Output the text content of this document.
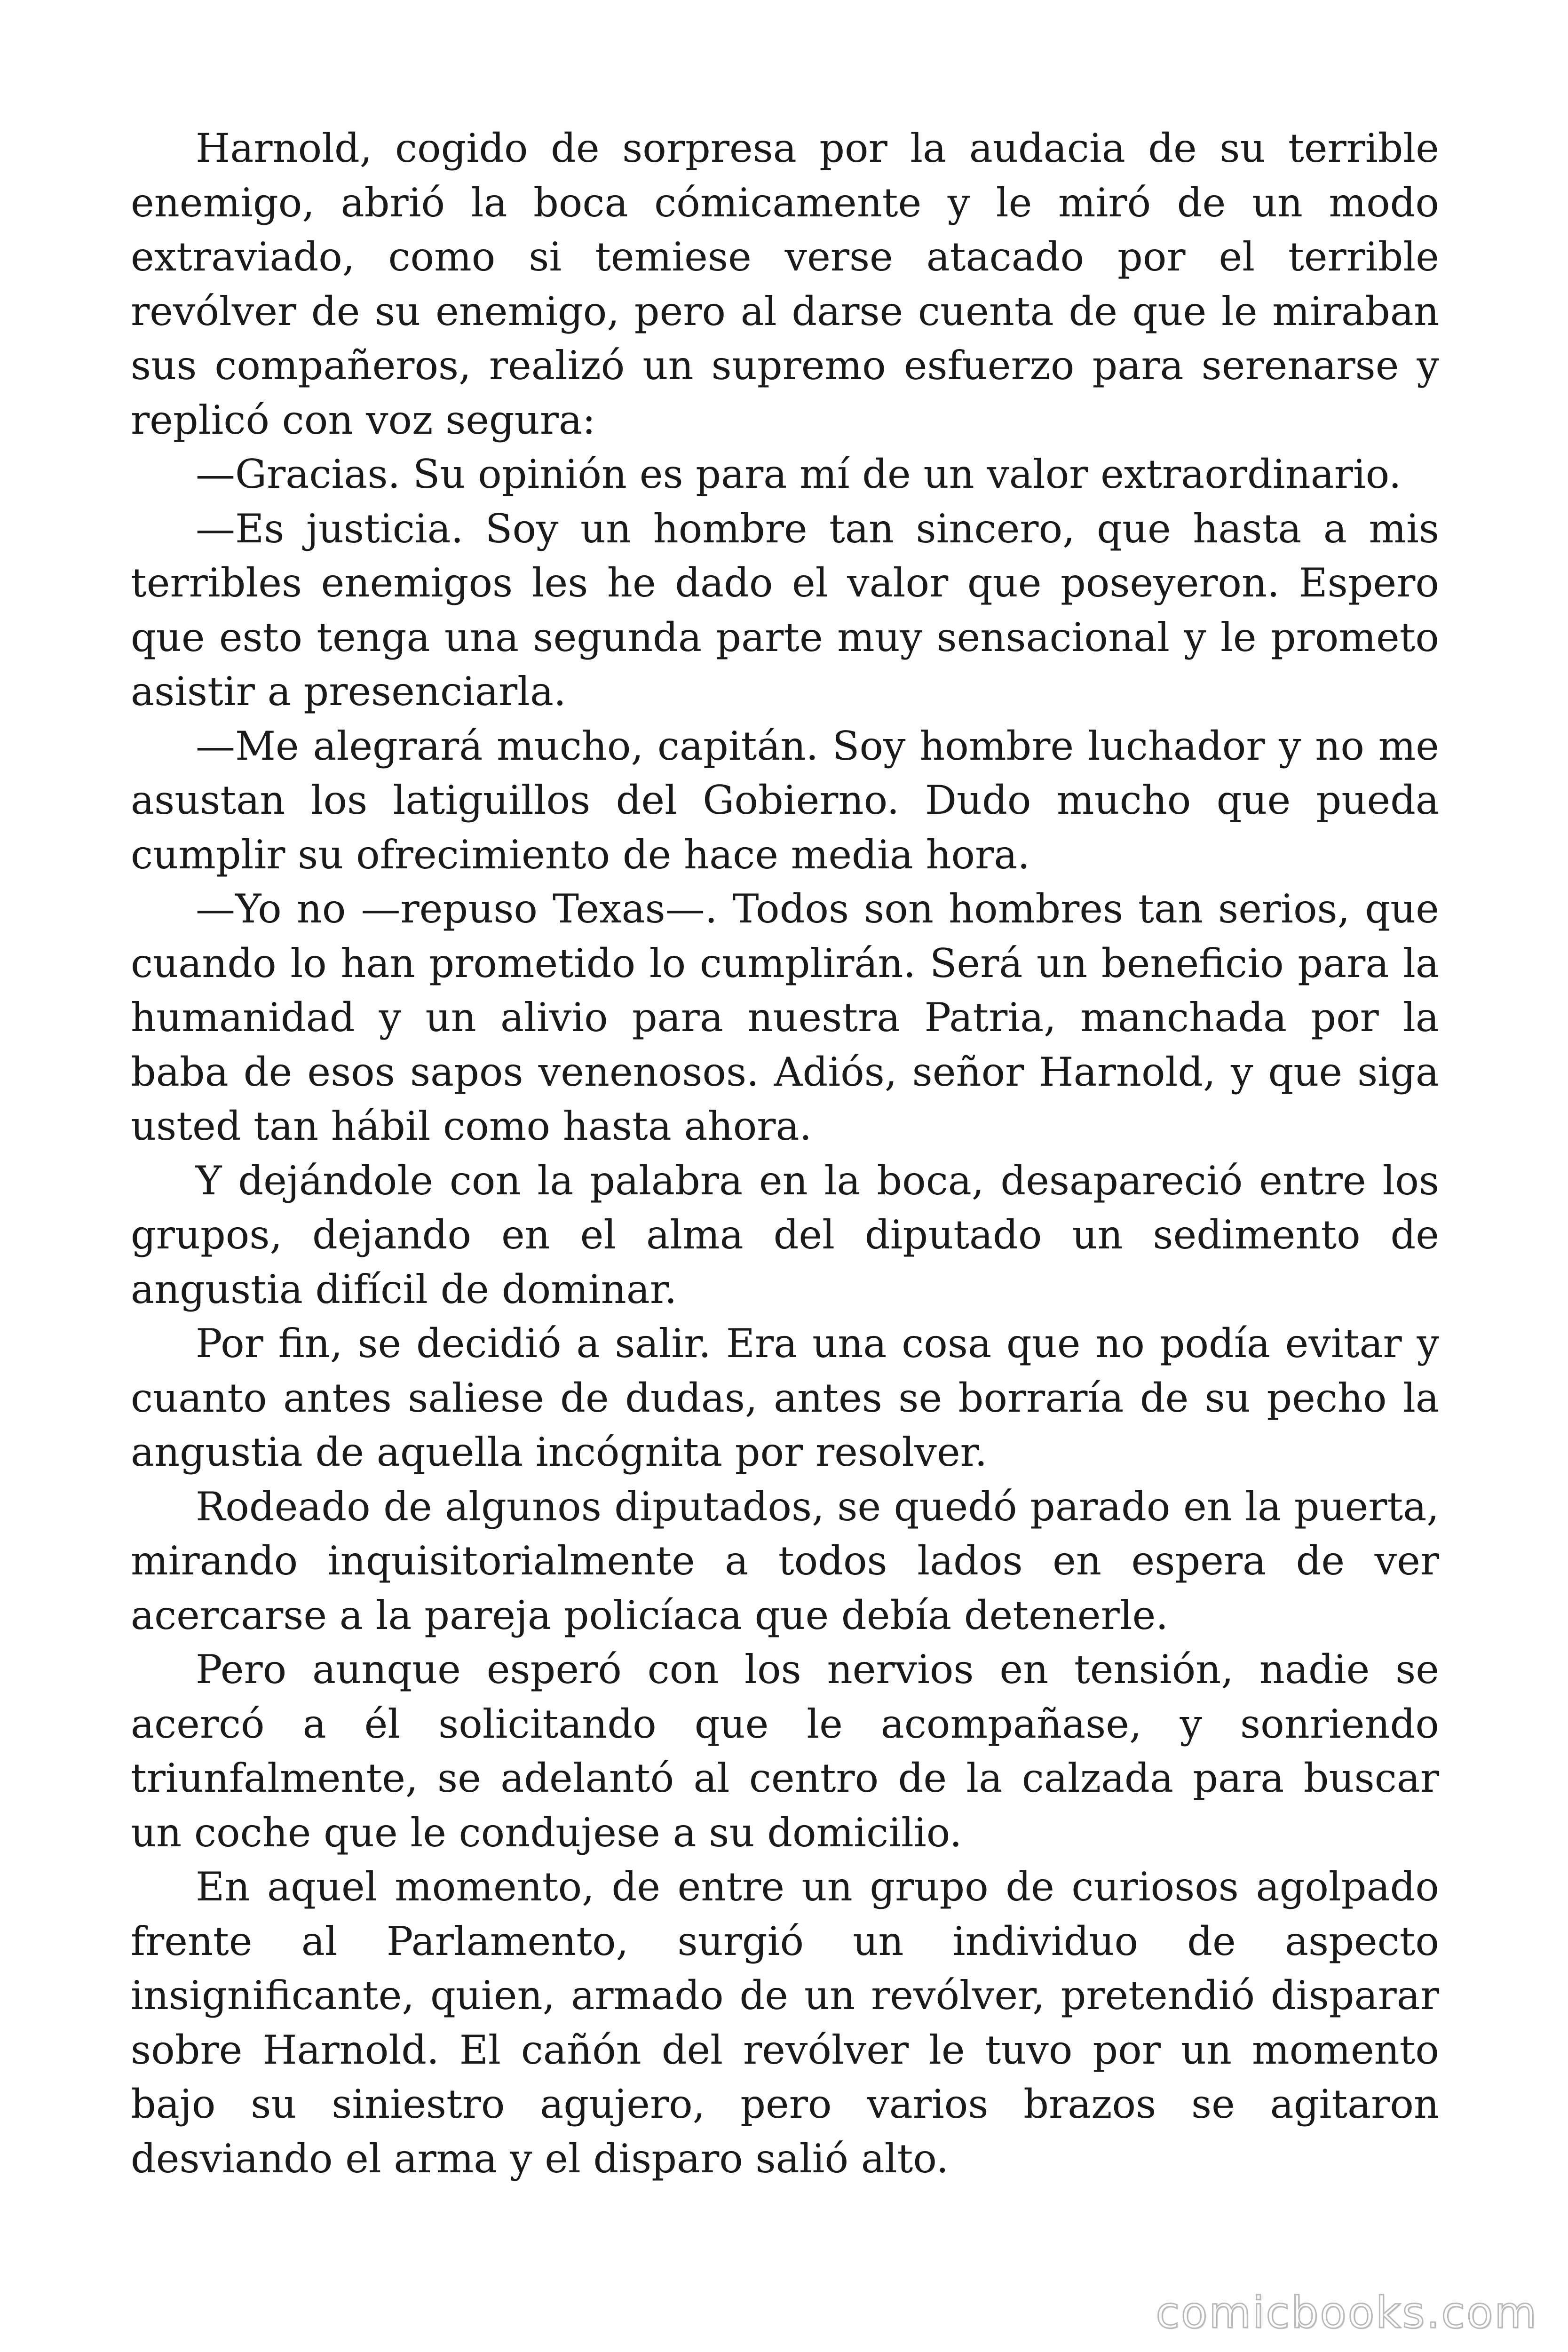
Harnold, cogido de sorpresa por la audacia de su terrible enemigo, abrió la boca cómicamente y le miró de un modo extraviado, como si temiese verse atacado por el terrible revólver de su enemigo, pero al darse cuenta de que le miraban sus compañeros, realizó un supremo esfuerzo para serenarse y replicó con voz segura:

—Gracias. Su opinión es para mí de un valor extraordinario.

—Es justicia. Soy un hombre tan sincero, que hasta a mis terribles enemigos les he dado el valor que poseyeron. Espero que esto tenga una segunda parte muy sensacional y le prometo asistir a presenciarla.

—Me alegrará mucho, capitán. Soy hombre luchador y no me asustan los latiguillos del Gobierno. Dudo mucho que pueda cumplir su ofrecimiento de hace media hora.

—Yo no —repuso Texas—. Todos son hombres tan serios, que cuando lo han prometido lo cumplirán. Será un beneficio para la humanidad y un alivio para nuestra Patria, manchada por la baba de esos sapos venenosos. Adiós, señor Harnold, y que siga usted tan hábil como hasta ahora.

Y dejándole con la palabra en la boca, desapareció entre los grupos, dejando en el alma del diputado un sedimento de angustia difícil de dominar.

Por fin, se decidió a salir. Era una cosa que no podía evitar y cuanto antes saliese de dudas, antes se borraría de su pecho la angustia de aquella incógnita por resolver.

Rodeado de algunos diputados, se quedó parado en la puerta, mirando inquisitorialmente a todos lados en espera de ver acercarse a la pareja policíaca que debía detenerle.

Pero aunque esperó con los nervios en tensión, nadie se acercó a él solicitando que le acompañase, y sonriendo triunfalmente, se adelantó al centro de la calzada para buscar un coche que le condujese a su domicilio.

En aquel momento, de entre un grupo de curiosos agolpado frente al Parlamento, surgió un individuo de aspecto insignificante, quien, armado de un revólver, pretendió disparar sobre Harnold. El cañón del revólver le tuvo por un momento bajo su siniestro agujero, pero varios brazos se agitaron desviando el arma y el disparo salió alto.

comicbooks.com
